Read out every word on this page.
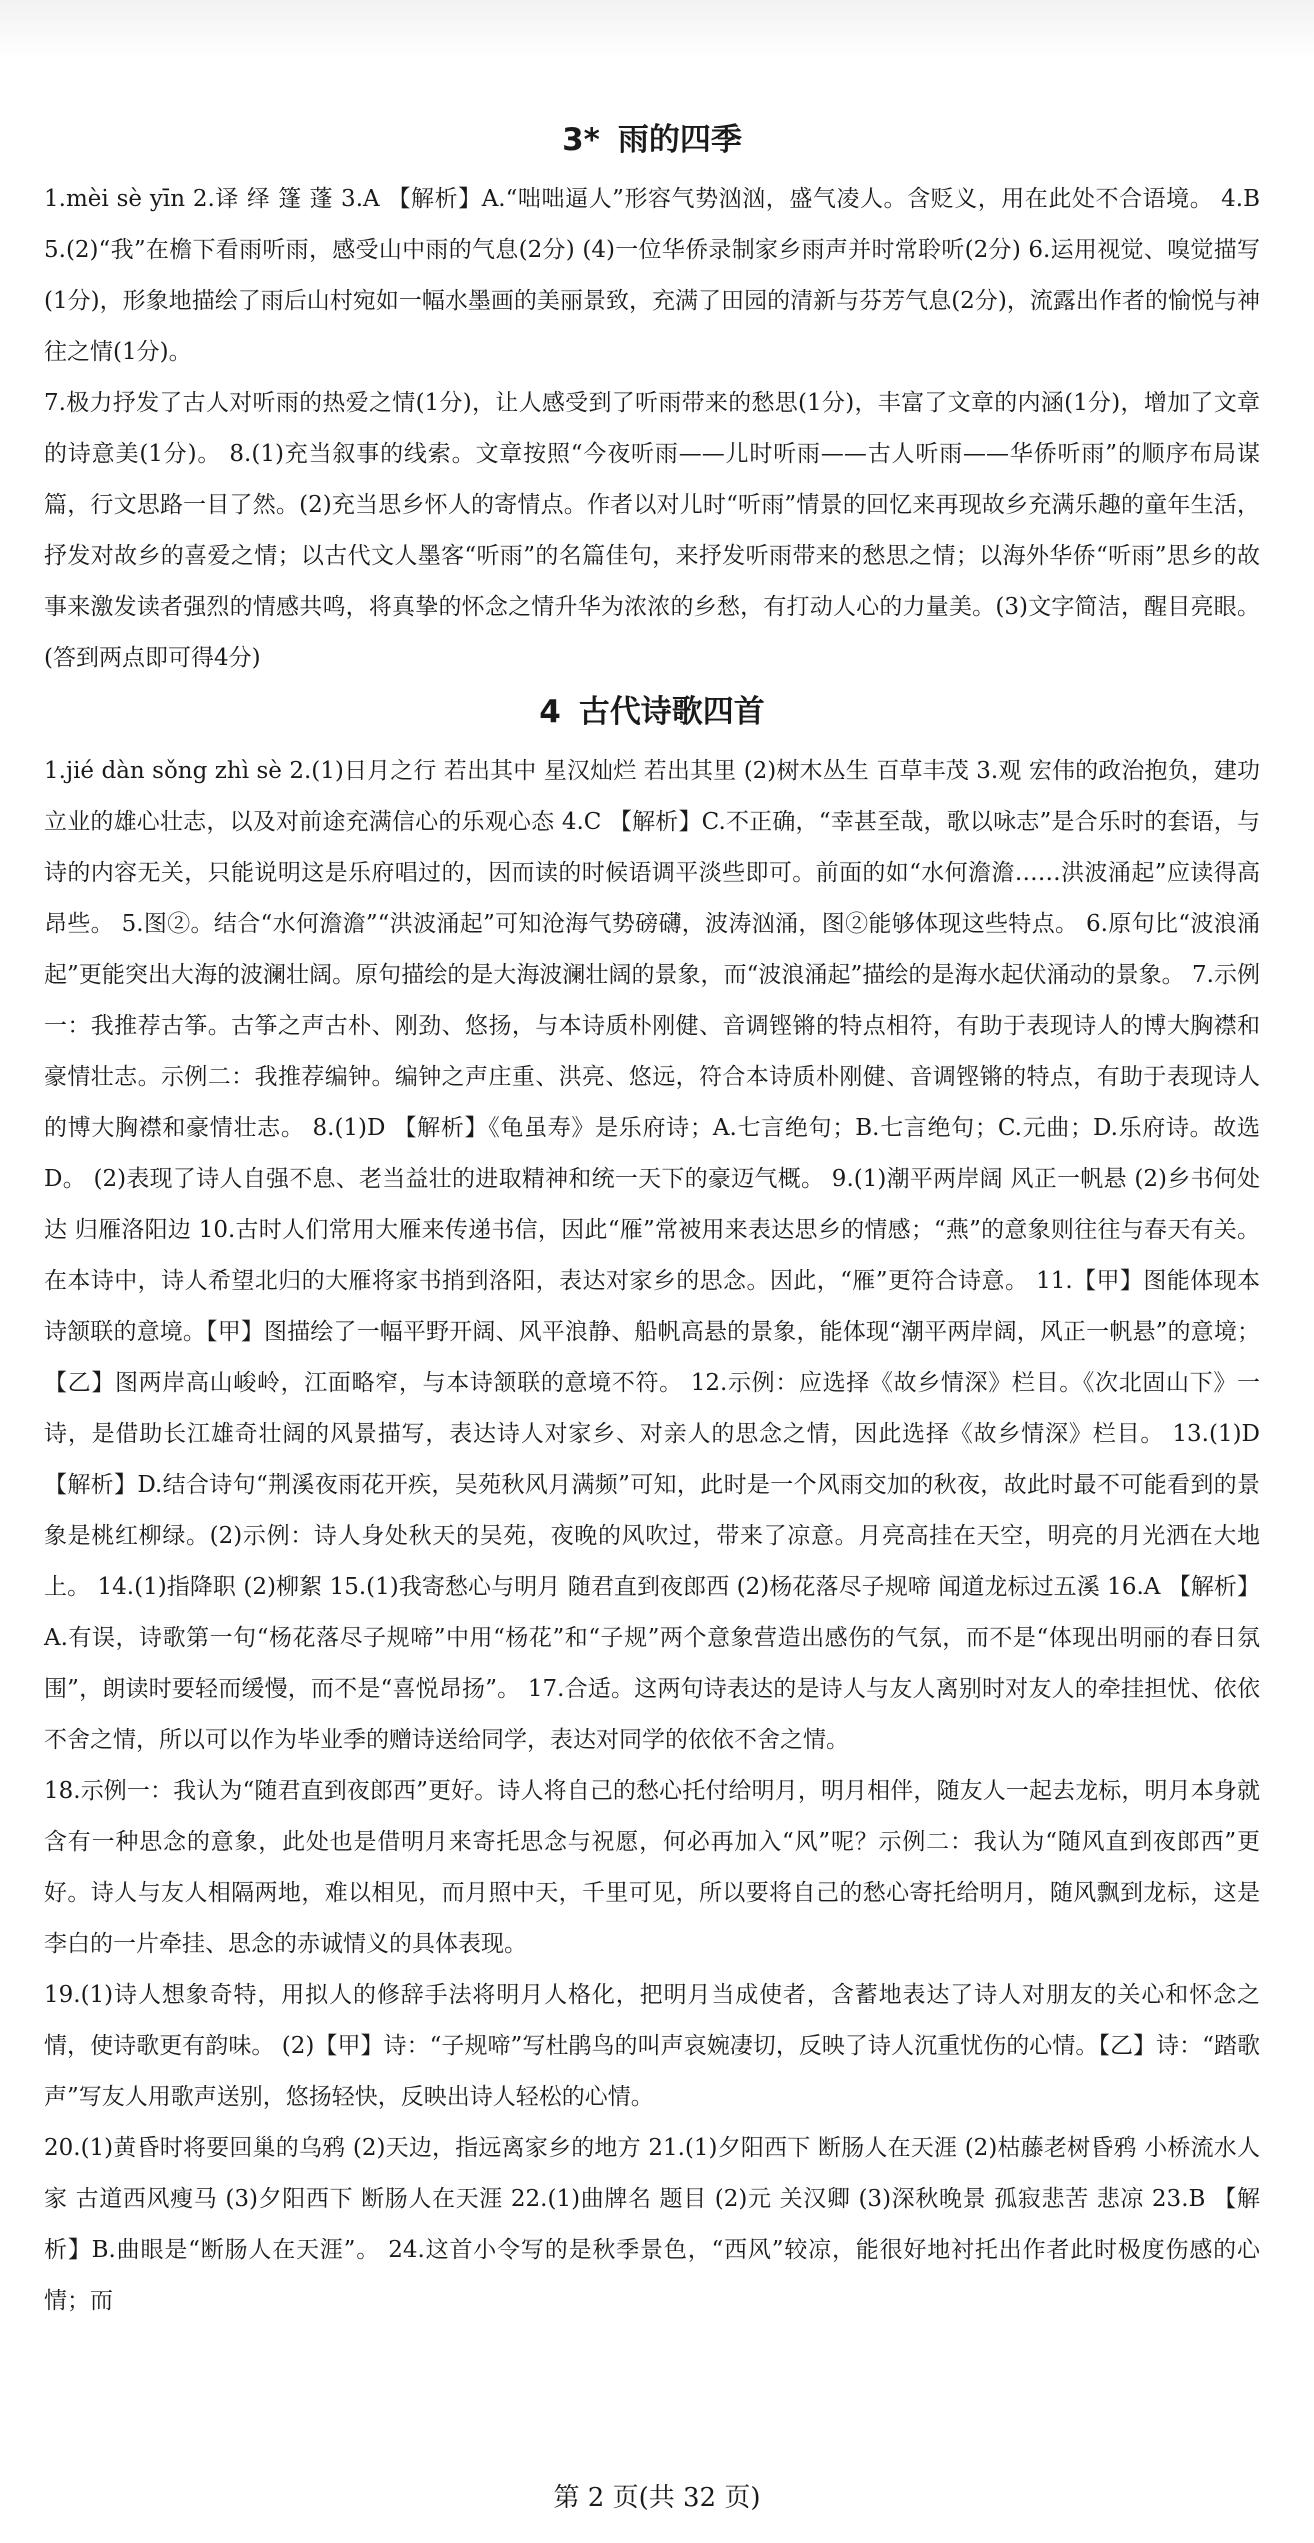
3* 雨的四季

1.mèi sè yīn 2.译 绎 篷 蓬 3.A 【解析】A.“咄咄逼人”形容气势汹汹，盛气凌人。含贬义，用在此处不合语境。 4.B 5.(2)“我”在檐下看雨听雨，感受山中雨的气息(2分) (4)一位华侨录制家乡雨声并时常聆听(2分) 6.运用视觉、嗅觉描写(1分)，形象地描绘了雨后山村宛如一幅水墨画的美丽景致，充满了田园的清新与芬芳气息(2分)，流露出作者的愉悦与神往之情(1分)。

7.极力抒发了古人对听雨的热爱之情(1分)，让人感受到了听雨带来的愁思(1分)，丰富了文章的内涵(1分)，增加了文章的诗意美(1分)。 8.(1)充当叙事的线索。文章按照“今夜听雨——儿时听雨——古人听雨——华侨听雨”的顺序布局谋篇，行文思路一目了然。(2)充当思乡怀人的寄情点。作者以对儿时“听雨”情景的回忆来再现故乡充满乐趣的童年生活，抒发对故乡的喜爱之情；以古代文人墨客“听雨”的名篇佳句，来抒发听雨带来的愁思之情；以海外华侨“听雨”思乡的故事来激发读者强烈的情感共鸣，将真挚的怀念之情升华为浓浓的乡愁，有打动人心的力量美。(3)文字简洁，醒目亮眼。(答到两点即可得4分)

4 古代诗歌四首

1.jié dàn sǒng zhì sè 2.(1)日月之行 若出其中 星汉灿烂 若出其里 (2)树木丛生 百草丰茂 3.观 宏伟的政治抱负，建功立业的雄心壮志，以及对前途充满信心的乐观心态 4.C 【解析】C.不正确，“幸甚至哉，歌以咏志”是合乐时的套语，与诗的内容无关，只能说明这是乐府唱过的，因而读的时候语调平淡些即可。前面的如“水何澹澹……洪波涌起”应读得高昂些。 5.图②。结合“水何澹澹”“洪波涌起”可知沧海气势磅礴，波涛汹涌，图②能够体现这些特点。 6.原句比“波浪涌起”更能突出大海的波澜壮阔。原句描绘的是大海波澜壮阔的景象，而“波浪涌起”描绘的是海水起伏涌动的景象。 7.示例一：我推荐古筝。古筝之声古朴、刚劲、悠扬，与本诗质朴刚健、音调铿锵的特点相符，有助于表现诗人的博大胸襟和豪情壮志。示例二：我推荐编钟。编钟之声庄重、洪亮、悠远，符合本诗质朴刚健、音调铿锵的特点，有助于表现诗人的博大胸襟和豪情壮志。 8.(1)D 【解析】《龟虽寿》是乐府诗；A.七言绝句；B.七言绝句；C.元曲；D.乐府诗。故选D。 (2)表现了诗人自强不息、老当益壮的进取精神和统一天下的豪迈气概。 9.(1)潮平两岸阔 风正一帆悬 (2)乡书何处达 归雁洛阳边 10.古时人们常用大雁来传递书信，因此“雁”常被用来表达思乡的情感；“燕”的意象则往往与春天有关。在本诗中，诗人希望北归的大雁将家书捎到洛阳，表达对家乡的思念。因此，“雁”更符合诗意。 11.【甲】图能体现本诗颔联的意境。【甲】图描绘了一幅平野开阔、风平浪静、船帆高悬的景象，能体现“潮平两岸阔，风正一帆悬”的意境；【乙】图两岸高山峻岭，江面略窄，与本诗颔联的意境不符。 12.示例：应选择《故乡情深》栏目。《次北固山下》一诗，是借助长江雄奇壮阔的风景描写，表达诗人对家乡、对亲人的思念之情，因此选择《故乡情深》栏目。 13.(1)D 【解析】D.结合诗句“荆溪夜雨花开疾，吴苑秋风月满频”可知，此时是一个风雨交加的秋夜，故此时最不可能看到的景象是桃红柳绿。(2)示例：诗人身处秋天的吴苑，夜晚的风吹过，带来了凉意。月亮高挂在天空，明亮的月光洒在大地上。 14.(1)指降职 (2)柳絮 15.(1)我寄愁心与明月 随君直到夜郎西 (2)杨花落尽子规啼 闻道龙标过五溪 16.A 【解析】A.有误，诗歌第一句“杨花落尽子规啼”中用“杨花”和“子规”两个意象营造出感伤的气氛，而不是“体现出明丽的春日氛围”，朗读时要轻而缓慢，而不是“喜悦昂扬”。 17.合适。这两句诗表达的是诗人与友人离别时对友人的牵挂担忧、依依不舍之情，所以可以作为毕业季的赠诗送给同学，表达对同学的依依不舍之情。

18.示例一：我认为“随君直到夜郎西”更好。诗人将自己的愁心托付给明月，明月相伴，随友人一起去龙标，明月本身就含有一种思念的意象，此处也是借明月来寄托思念与祝愿，何必再加入“风”呢？示例二：我认为“随风直到夜郎西”更好。诗人与友人相隔两地，难以相见，而月照中天，千里可见，所以要将自己的愁心寄托给明月，随风飘到龙标，这是李白的一片牵挂、思念的赤诚情义的具体表现。

19.(1)诗人想象奇特，用拟人的修辞手法将明月人格化，把明月当成使者，含蓄地表达了诗人对朋友的关心和怀念之情，使诗歌更有韵味。 (2)【甲】诗：“子规啼”写杜鹃鸟的叫声哀婉凄切，反映了诗人沉重忧伤的心情。【乙】诗：“踏歌声”写友人用歌声送别，悠扬轻快，反映出诗人轻松的心情。

20.(1)黄昏时将要回巢的乌鸦 (2)天边，指远离家乡的地方 21.(1)夕阳西下 断肠人在天涯 (2)枯藤老树昏鸦 小桥流水人家 古道西风瘦马 (3)夕阳西下 断肠人在天涯 22.(1)曲牌名 题目 (2)元 关汉卿 (3)深秋晚景 孤寂悲苦 悲凉 23.B 【解析】B.曲眼是“断肠人在天涯”。 24.这首小令写的是秋季景色，“西风”较凉，能很好地衬托出作者此时极度伤感的心情；而

第 2 页(共 32 页)
